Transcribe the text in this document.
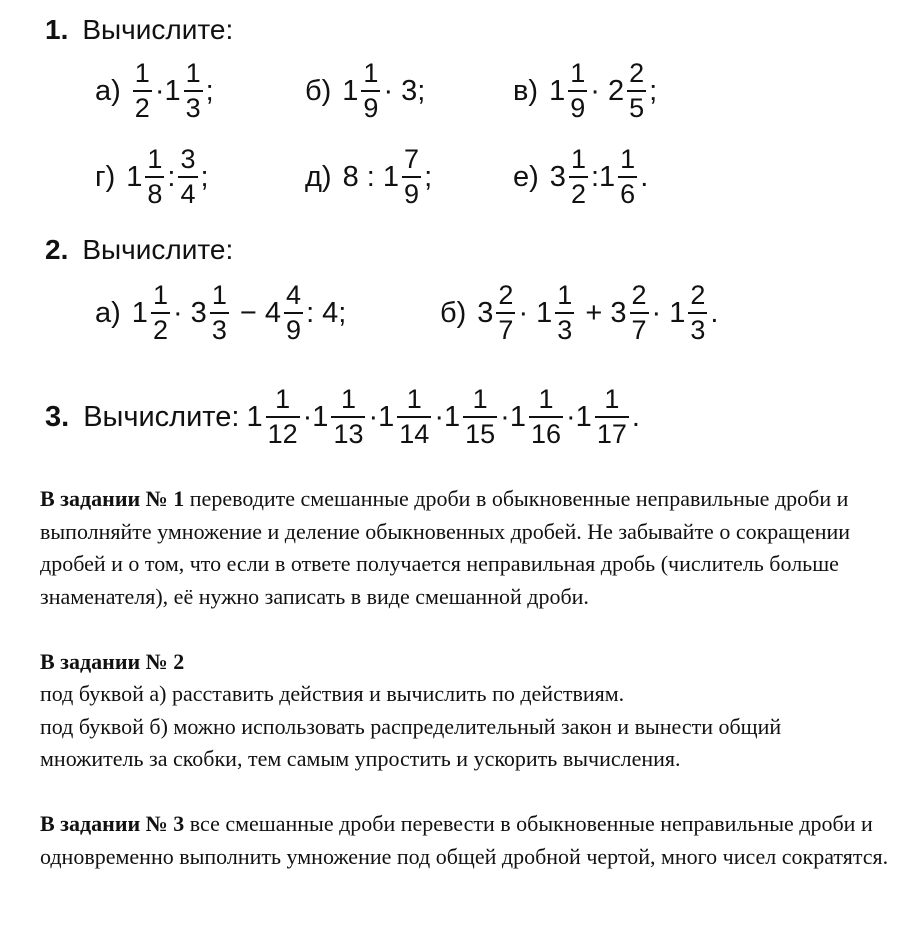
1. Вычислите:
$а) \frac{1}{2} \cdot 1 \frac{1}{3}$ ;	б) $1 \frac{1}{9} \cdot 3$;	в) $1 \frac{1}{9} \cdot 2 \frac{2}{5}$ ;
г) $1 \frac{1}{8}$ : $\frac{3}{4}$ ;	д) 8 : $1 \frac{7}{9}$ ;	е) $3 \frac{1}{2}$ :1 $\frac{1}{6}$ .
2. Вычислите:
а) $1 \frac{1}{2} \cdot 3 \frac{1}{3} - 4 \frac{4}{9}$ : 4;	б) $3 \frac{2}{7} \cdot 1 \frac{1}{3} + 3 \frac{2}{7} \cdot 1 \frac{2}{3}$ .
3. Вычислите: $1 \frac{1}{12} \cdot 1 \frac{1}{13} \cdot 1 \frac{1}{14} \cdot 1 \frac{1}{15} \cdot 1 \frac{1}{16} \cdot 1 \frac{1}{17}$ .

В задании № 1 переводите смешанные дроби в обыкновенные неправильные дроби и выполняйте умножение и деление обыкновенных дробей. Не забывайте о сокращении дробей и о том, что если в ответе получается неправильная дробь (числитель больше знаменателя), её нужно записать в виде смешанной дроби.

В задании № 2
под буквой а) расставить действия и вычислить по действиям.
под буквой б) можно использовать распределительный закон и вынести общий множитель за скобки, тем самым упростить и ускорить вычисления.

В задании № 3 все смешанные дроби перевести в обыкновенные неправильные дроби и одновременно выполнить умножение под общей дробной чертой, много чисел сократятся.
